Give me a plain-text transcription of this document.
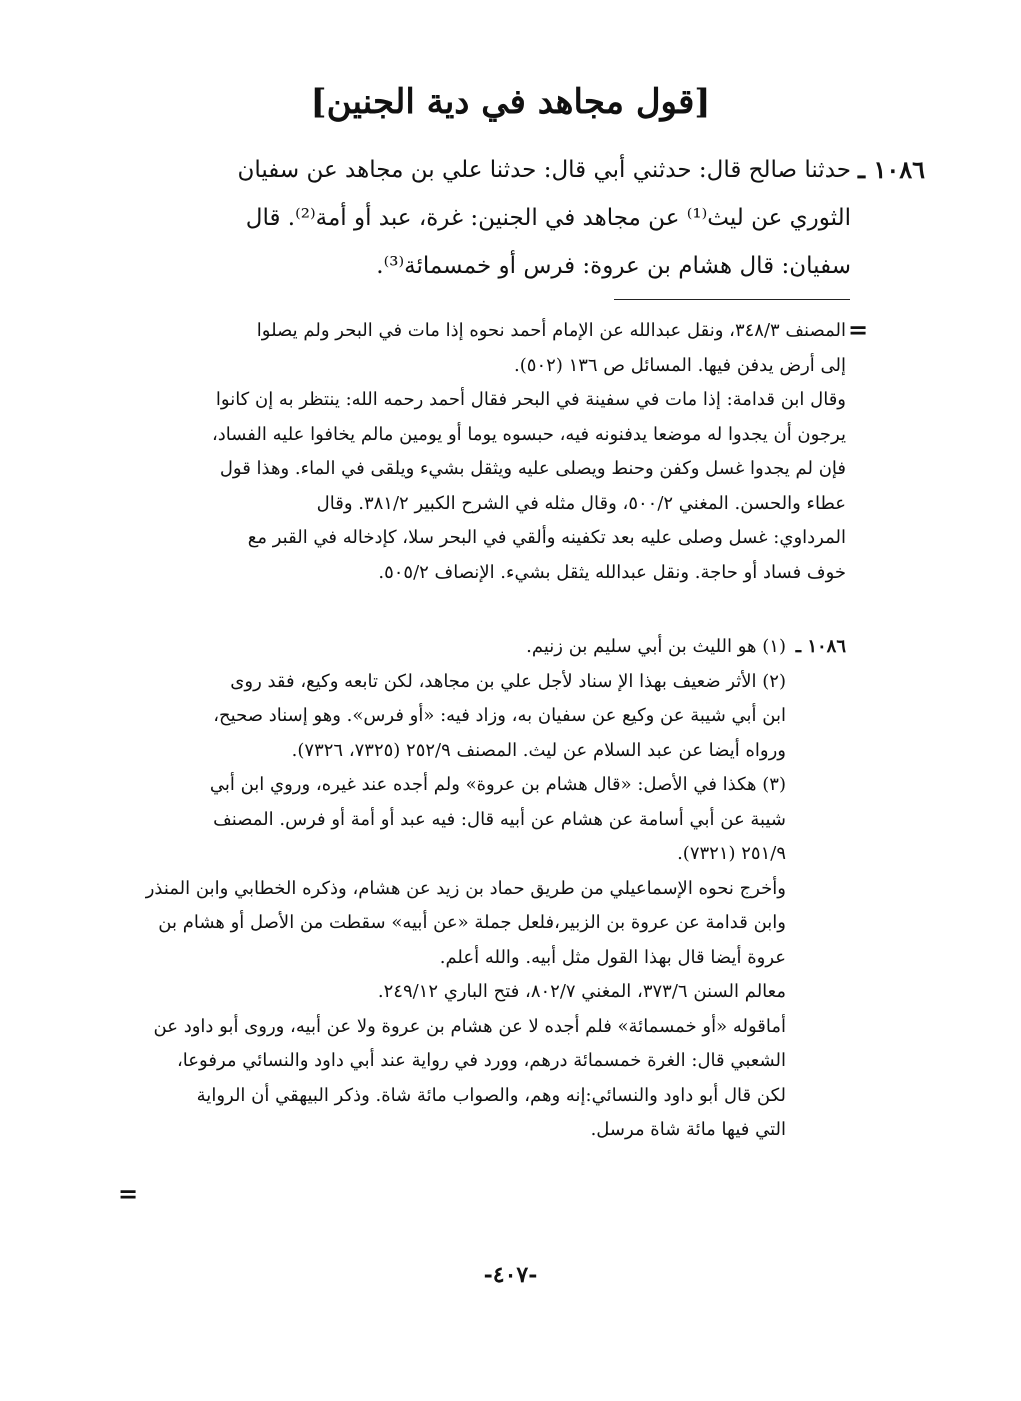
[قول مجاهد في دية الجنين]
١٠٨٦ ـ
حدثنا صالح قال: حدثني أبي قال: حدثنا علي بن مجاهد عن سفيان
الثوري عن ليث⁽¹⁾ عن مجاهد في الجنين: غرة، عبد أو أمة⁽²⁾. قال
سفيان: قال هشام بن عروة: فرس أو خمسمائة⁽³⁾.
=
المصنف ٣٤٨/٣، ونقل عبدالله عن الإمام أحمد نحوه إذا مات في البحر ولم يصلوا
إلى أرض يدفن فيها. المسائل ص ١٣٦ (٥٠٢).
وقال ابن قدامة: إذا مات في سفينة في البحر فقال أحمد رحمه الله: ينتظر به إن كانوا
يرجون أن يجدوا له موضعا يدفنونه فيه، حبسوه يوما أو يومين مالم يخافوا عليه الفساد،
فإن لم يجدوا غسل وكفن وحنط ويصلى عليه ويثقل بشيء ويلقى في الماء. وهذا قول
عطاء والحسن. المغني ٥٠٠/٢، وقال مثله في الشرح الكبير ٣٨١/٢. وقال
المرداوي: غسل وصلى عليه بعد تكفينه وألقي في البحر سلا، كإدخاله في القبر مع
خوف فساد أو حاجة. ونقل عبدالله يثقل بشيء. الإنصاف ٥٠٥/٢.
١٠٨٦ ـ
(١) هو الليث بن أبي سليم بن زنيم.
(٢) الأثر ضعيف بهذا الإ سناد لأجل علي بن مجاهد، لكن تابعه وكيع، فقد روى
ابن أبي شيبة عن وكيع عن سفيان به، وزاد فيه: «أو فرس». وهو إسناد صحيح،
ورواه أيضا عن عبد السلام عن ليث. المصنف ٢٥٢/٩ (٧٣٢٥، ٧٣٢٦).
(٣) هكذا في الأصل: «قال هشام بن عروة» ولم أجده عند غيره، وروي ابن أبي
شيبة عن أبي أسامة عن هشام عن أبيه قال: فيه عبد أو أمة أو فرس. المصنف
٢٥١/٩ (٧٣٢١).
وأخرج نحوه الإسماعيلي من طريق حماد بن زيد عن هشام، وذكره الخطابي وابن المنذر
وابن قدامة عن عروة بن الزبير،فلعل جملة «عن أبيه» سقطت من الأصل أو هشام بن
عروة أيضا قال بهذا القول مثل أبيه. والله أعلم.
معالم السنن ٣٧٣/٦، المغني ٨٠٢/٧، فتح الباري ٢٤٩/١٢.
أماقوله «أو خمسمائة» فلم أجده لا عن هشام بن عروة ولا عن أبيه، وروى أبو داود عن
الشعبي قال: الغرة خمسمائة درهم، وورد في رواية عند أبي داود والنسائي مرفوعا،
لكن قال أبو داود والنسائي:إنه وهم، والصواب مائة شاة. وذكر البيهقي أن الرواية
التي فيها مائة شاة مرسل.
=
-٤٠٧-
